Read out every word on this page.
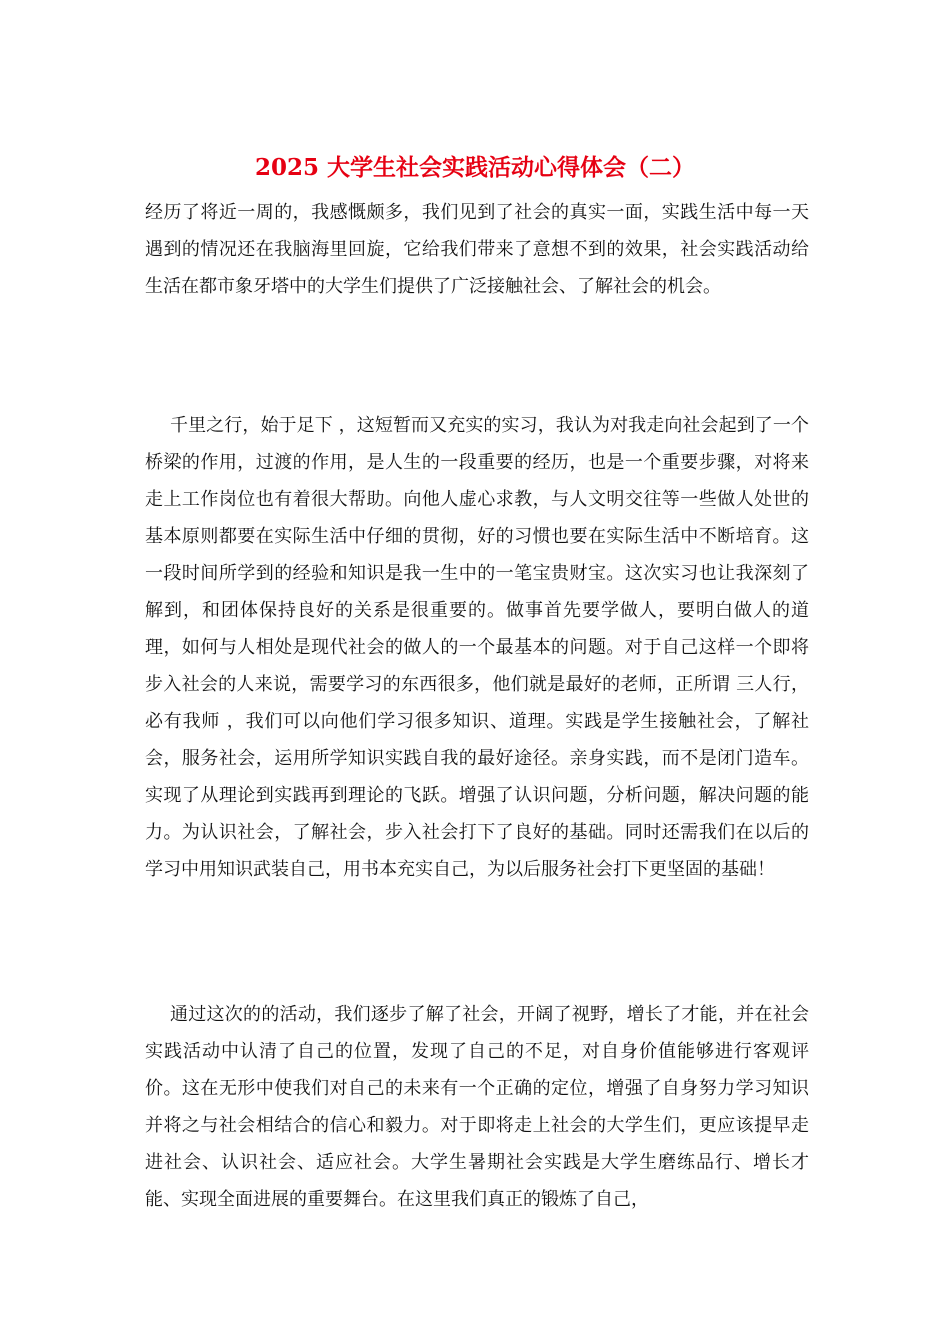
2025 大学生社会实践活动心得体会（二）

经历了将近一周的，我感慨颇多，我们见到了社会的真实一面，实践生活中每一天遇到的情况还在我脑海里回旋，它给我们带来了意想不到的效果，社会实践活动给生活在都市象牙塔中的大学生们提供了广泛接触社会、了解社会的机会。

千里之行，始于足下 ，这短暂而又充实的实习，我认为对我走向社会起到了一个桥梁的作用，过渡的作用，是人生的一段重要的经历，也是一个重要步骤，对将来走上工作岗位也有着很大帮助。向他人虚心求教，与人文明交往等一些做人处世的基本原则都要在实际生活中仔细的贯彻，好的习惯也要在实际生活中不断培育。这一段时间所学到的经验和知识是我一生中的一笔宝贵财宝。这次实习也让我深刻了解到，和团体保持良好的关系是很重要的。做事首先要学做人，要明白做人的道理，如何与人相处是现代社会的做人的一个最基本的问题。对于自己这样一个即将步入社会的人来说，需要学习的东西很多，他们就是最好的老师，正所谓 三人行，必有我师 ，我们可以向他们学习很多知识、道理。实践是学生接触社会，了解社会，服务社会，运用所学知识实践自我的最好途径。亲身实践，而不是闭门造车。实现了从理论到实践再到理论的飞跃。增强了认识问题，分析问题，解决问题的能力。为认识社会，了解社会，步入社会打下了良好的基础。同时还需我们在以后的学习中用知识武装自己，用书本充实自己，为以后服务社会打下更坚固的基础！

通过这次的的活动，我们逐步了解了社会，开阔了视野，增长了才能，并在社会实践活动中认清了自己的位置，发现了自己的不足，对自身价值能够进行客观评价。这在无形中使我们对自己的未来有一个正确的定位，增强了自身努力学习知识并将之与社会相结合的信心和毅力。对于即将走上社会的大学生们，更应该提早走进社会、认识社会、适应社会。大学生暑期社会实践是大学生磨练品行、增长才能、实现全面进展的重要舞台。在这里我们真正的锻炼了自己，
